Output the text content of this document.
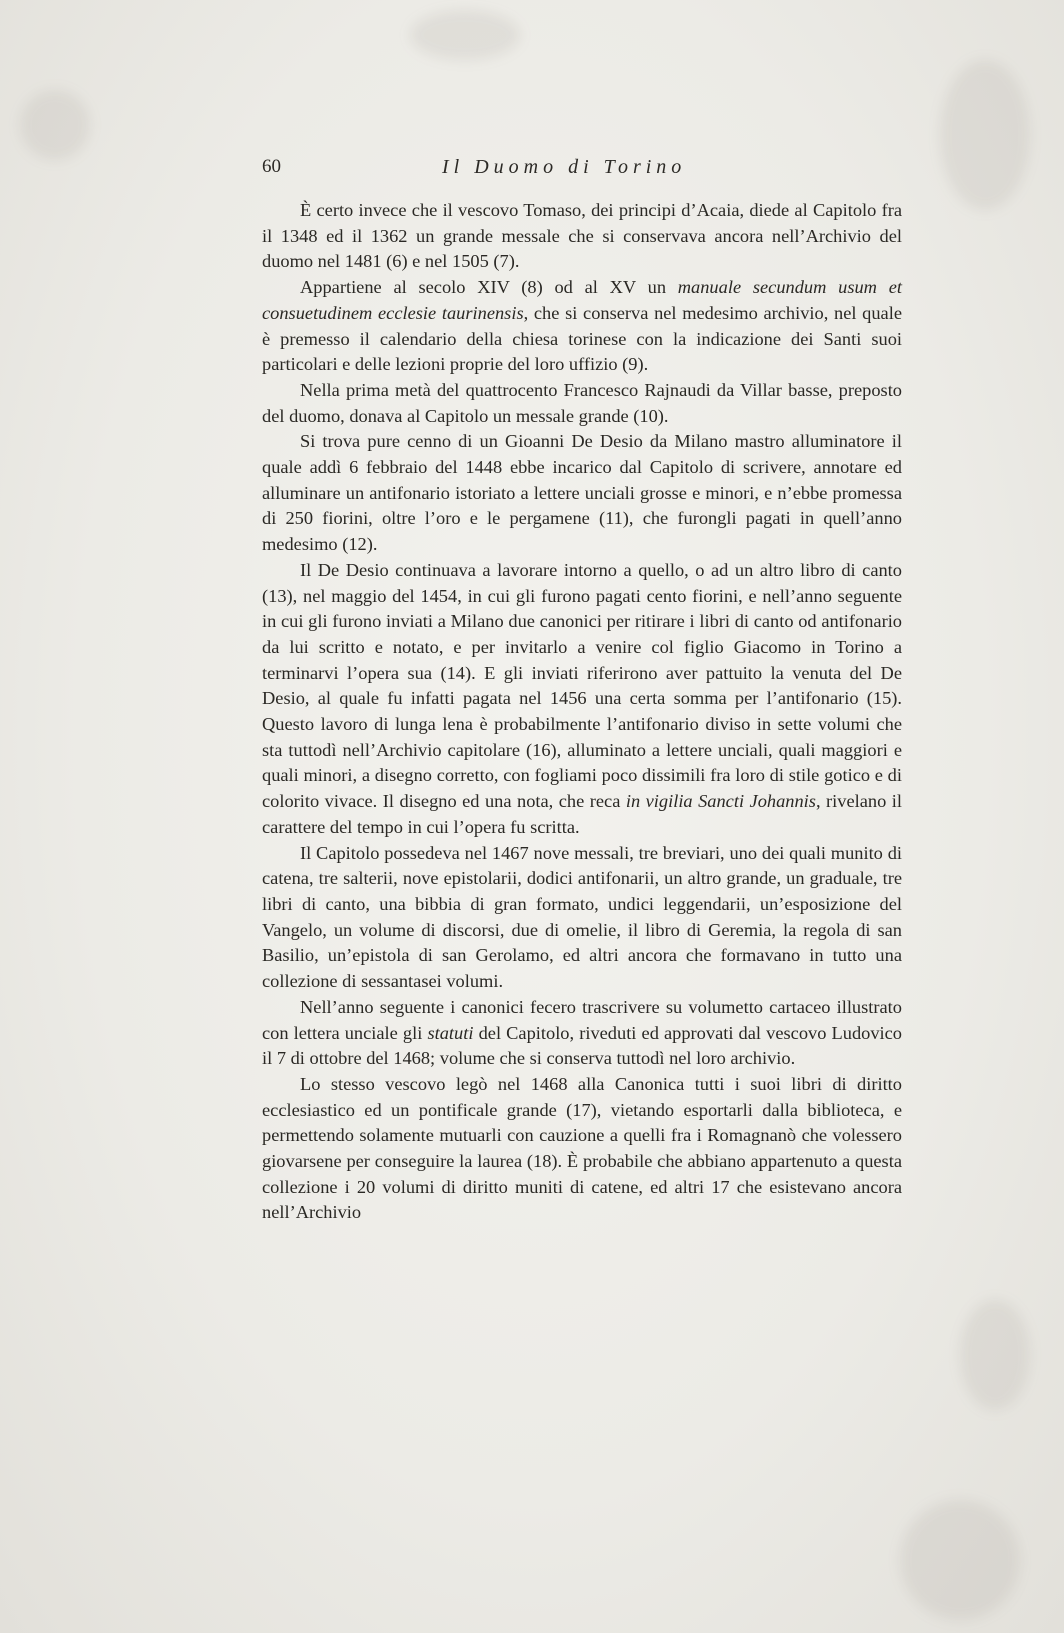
60	Il Duomo di Torino

È certo invece che il vescovo Tomaso, dei principi d’Acaia, diede al Capitolo fra il 1348 ed il 1362 un grande messale che si conservava ancora nell’Archivio del duomo nel 1481 (6) e nel 1505 (7).

Appartiene al secolo XIV (8) od al XV un manuale secundum usum et consuetudinem ecclesie taurinensis, che si conserva nel medesimo archivio, nel quale è premesso il calendario della chiesa torinese con la indicazione dei Santi suoi particolari e delle lezioni proprie del loro uffizio (9).

Nella prima metà del quattrocento Francesco Rajnaudi da Villar basse, preposto del duomo, donava al Capitolo un messale grande (10).

Si trova pure cenno di un Gioanni De Desio da Milano mastro alluminatore il quale addì 6 febbraio del 1448 ebbe incarico dal Capitolo di scrivere, annotare ed alluminare un antifonario istoriato a lettere unciali grosse e minori, e n’ebbe promessa di 250 fiorini, oltre l’oro e le pergamene (11), che furongli pagati in quell’anno medesimo (12).

Il De Desio continuava a lavorare intorno a quello, o ad un altro libro di canto (13), nel maggio del 1454, in cui gli furono pagati cento fiorini, e nell’anno seguente in cui gli furono inviati a Milano due canonici per ritirare i libri di canto od antifonario da lui scritto e notato, e per invitarlo a venire col figlio Giacomo in Torino a terminarvi l’opera sua (14). E gli inviati riferirono aver pattuito la venuta del De Desio, al quale fu infatti pagata nel 1456 una certa somma per l’antifonario (15). Questo lavoro di lunga lena è probabilmente l’antifonario diviso in sette volumi che sta tuttodì nell’Archivio capitolare (16), alluminato a lettere unciali, quali maggiori e quali minori, a disegno corretto, con fogliami poco dissimili fra loro di stile gotico e di colorito vivace. Il disegno ed una nota, che reca in vigilia Sancti Johannis, rivelano il carattere del tempo in cui l’opera fu scritta.

Il Capitolo possedeva nel 1467 nove messali, tre breviari, uno dei quali munito di catena, tre salterii, nove epistolarii, dodici antifonarii, un altro grande, un graduale, tre libri di canto, una bibbia di gran formato, undici leggendarii, un’esposizione del Vangelo, un volume di discorsi, due di omelie, il libro di Geremia, la regola di san Basilio, un’epistola di san Gerolamo, ed altri ancora che formavano in tutto una collezione di sessantasei volumi.

Nell’anno seguente i canonici fecero trascrivere su volumetto cartaceo illustrato con lettera unciale gli statuti del Capitolo, riveduti ed approvati dal vescovo Ludovico il 7 di ottobre del 1468; volume che si conserva tuttodì nel loro archivio.

Lo stesso vescovo legò nel 1468 alla Canonica tutti i suoi libri di diritto ecclesiastico ed un pontificale grande (17), vietando esportarli dalla biblioteca, e permettendo solamente mutuarli con cauzione a quelli fra i Romagnanò che volessero giovarsene per conseguire la laurea (18). È probabile che abbiano appartenuto a questa collezione i 20 volumi di diritto muniti di catene, ed altri 17 che esistevano ancora nell’Archivio
